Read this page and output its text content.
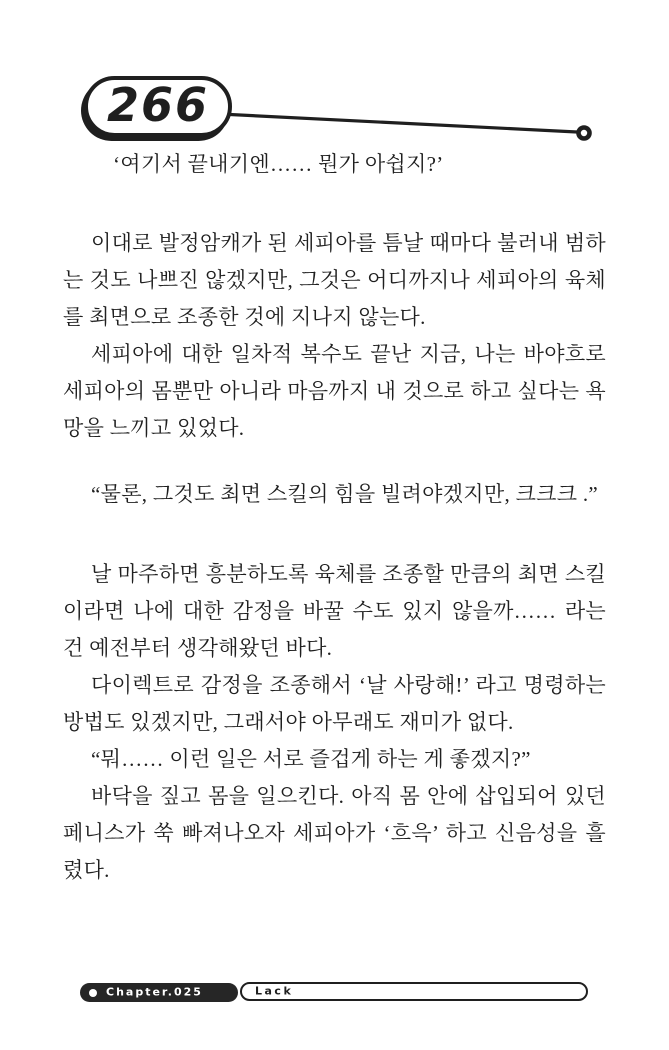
266

‘여기서 끝내기엔…… 뭔가 아쉽지?’

이대로 발정암캐가 된 세피아를 틈날 때마다 불러내 범하는 것도 나쁘진 않겠지만, 그것은 어디까지나 세피아의 육체를 최면으로 조종한 것에 지나지 않는다.

세피아에 대한 일차적 복수도 끝난 지금, 나는 바야흐로 세피아의 몸뿐만 아니라 마음까지 내 것으로 하고 싶다는 욕망을 느끼고 있었다.

“물론, 그것도 최면 스킬의 힘을 빌려야겠지만, 크크크 .”

날 마주하면 흥분하도록 육체를 조종할 만큼의 최면 스킬이라면 나에 대한 감정을 바꿀 수도 있지 않을까…… 라는 건 예전부터 생각해왔던 바다.

다이렉트로 감정을 조종해서 ‘날 사랑해!’ 라고 명령하는 방법도 있겠지만, 그래서야 아무래도 재미가 없다.

“뭐…… 이런 일은 서로 즐겁게 하는 게 좋겠지?”

바닥을 짚고 몸을 일으킨다. 아직 몸 안에 삽입되어 있던 페니스가 쑥 빠져나오자 세피아가 ‘흐윽’ 하고 신음성을 흘렸다.

Chapter.025	Lack
